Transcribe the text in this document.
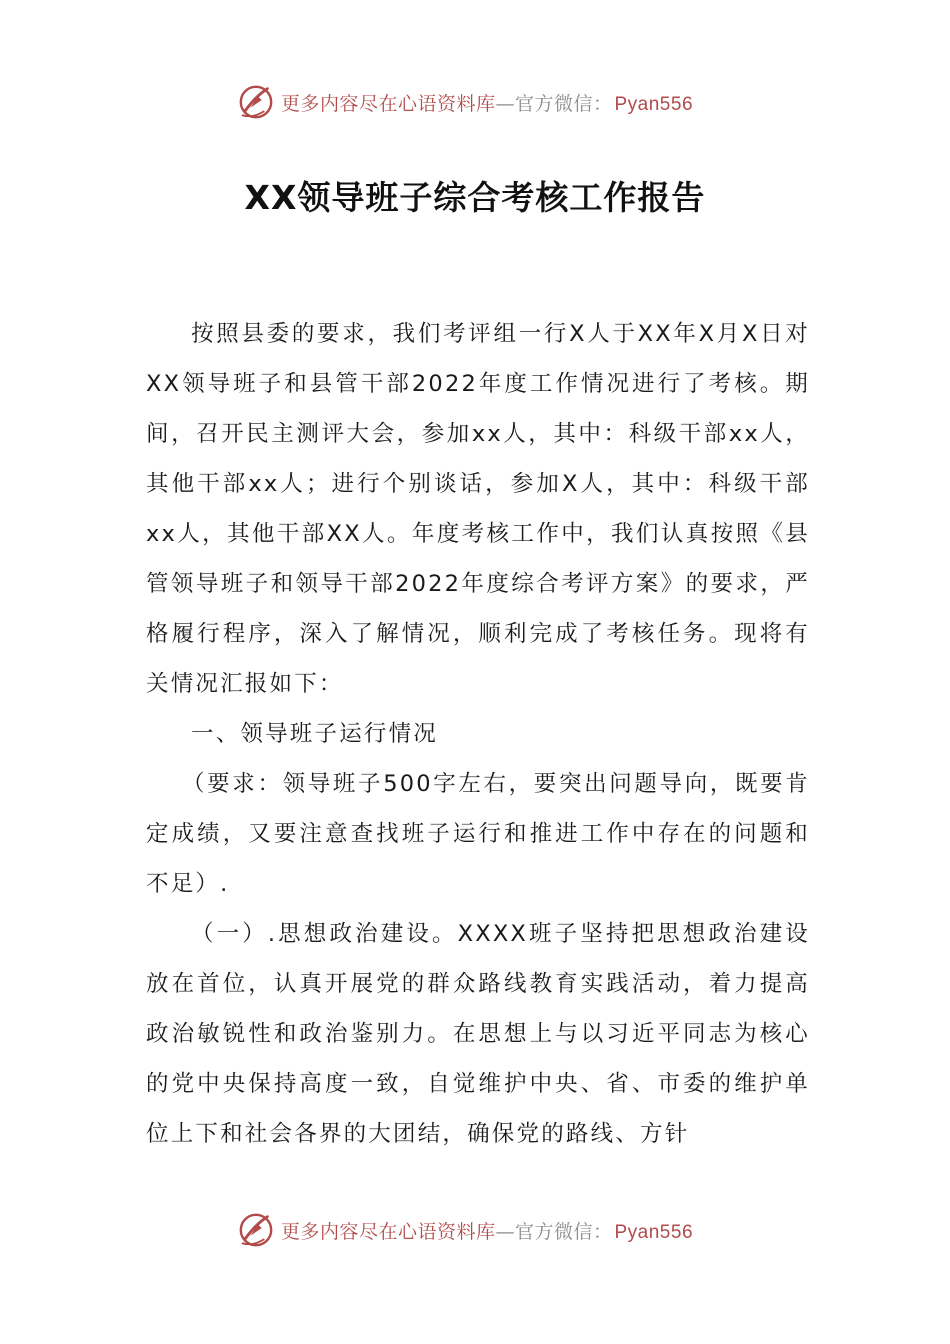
更多内容尽在心语资料库—官方微信： Pyan556
XX领导班子综合考核工作报告

按照县委的要求，我们考评组一行X人于XX年X月X日对XX领导班子和县管干部2022年度工作情况进行了考核。期间，召开民主测评大会，参加xx人，其中：科级干部xx人，其他干部xx人；进行个别谈话，参加X人，其中：科级干部xx人，其他干部XX人。年度考核工作中，我们认真按照《县管领导班子和领导干部2022年度综合考评方案》的要求，严格履行程序，深入了解情况，顺利完成了考核任务。现将有关情况汇报如下：

一、领导班子运行情况

（要求：领导班子500字左右，要突出问题导向，既要肯定成绩，又要注意查找班子运行和推进工作中存在的问题和不足）.

（一）.思想政治建设。XXXX班子坚持把思想政治建设放在首位，认真开展党的群众路线教育实践活动，着力提高政治敏锐性和政治鉴别力。在思想上与以习近平同志为核心的党中央保持高度一致，自觉维护中央、省、市委的维护单位上下和社会各界的大团结，确保党的路线、方针

更多内容尽在心语资料库—官方微信： Pyan556
